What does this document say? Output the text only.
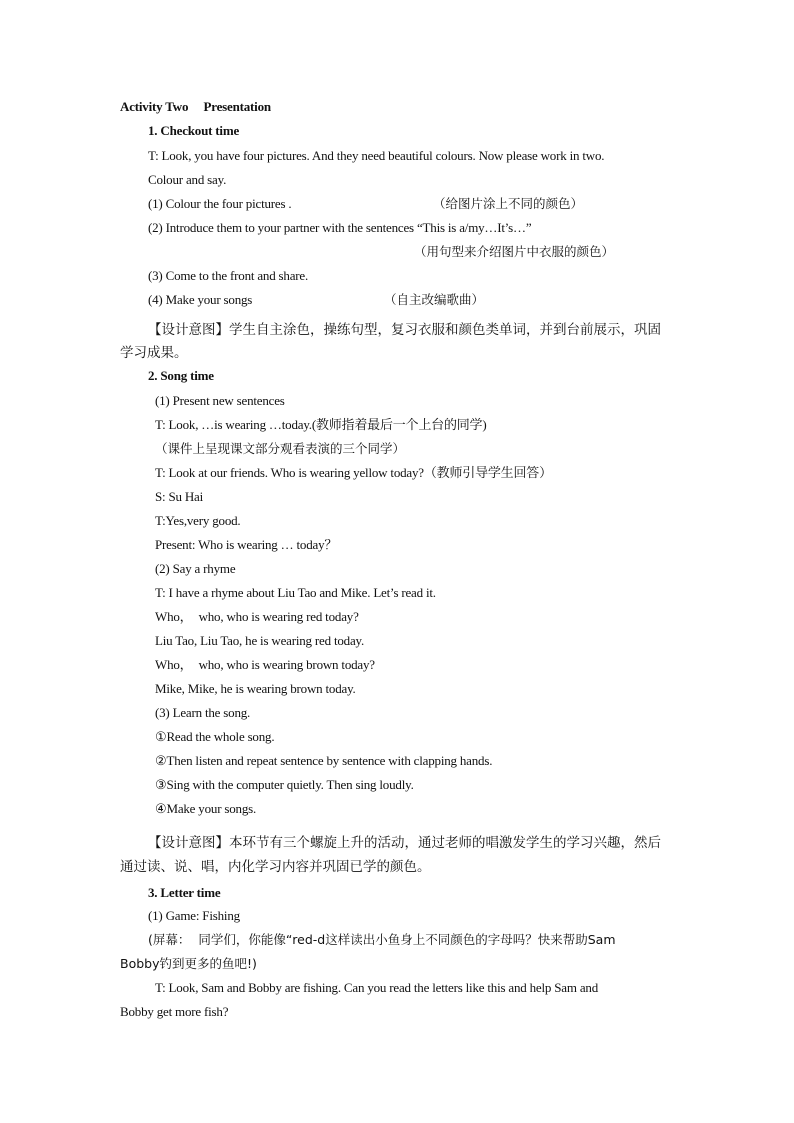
Activity Two     Presentation
1. Checkout time
T: Look, you have four pictures. And they need beautiful colours. Now please work in two.
Colour and say.
(1) Colour the four pictures .	（给图片涂上不同的颜色）
(2) Introduce them to your partner with the sentences “This is a/my…It’s…”
（用句型来介绍图片中衣服的颜色）
(3) Come to the front and share.
(4) Make your songs	（自主改编歌曲）
【设计意图】学生自主涂色，操练句型，复习衣服和颜色类单词，并到台前展示，巩固
学习成果。
2. Song time
(1) Present new sentences
T: Look, …is wearing …today.(教师指着最后一个上台的同学)
（课件上呈现课文部分观看表演的三个同学）
T: Look at our friends. Who is wearing yellow today?（教师引导学生回答）
S: Su Hai
T:Yes,very good.
Present: Who is wearing … today？
(2) Say a rhyme
T: I have a rhyme about Liu Tao and Mike. Let’s read it.
Who，  who, who is wearing red today?
Liu Tao, Liu Tao, he is wearing red today.
Who，  who, who is wearing brown today?
Mike, Mike, he is wearing brown today.
(3) Learn the song.
①Read the whole song.
②Then listen and repeat sentence by sentence with clapping hands.
③Sing with the computer quietly. Then sing loudly.
④Make your songs.
【设计意图】本环节有三个螺旋上升的活动，通过老师的唱激发学生的学习兴趣，然后
通过读、说、唱，内化学习内容并巩固已学的颜色。
3. Letter time
(1) Game: Fishing
(屏幕：  同学们，你能像“red-d这样读出小鱼身上不同颜色的字母吗？快来帮助Sam
Bobby钓到更多的鱼吧!)
T: Look, Sam and Bobby are fishing. Can you read the letters like this and help Sam and
Bobby get more fish?
